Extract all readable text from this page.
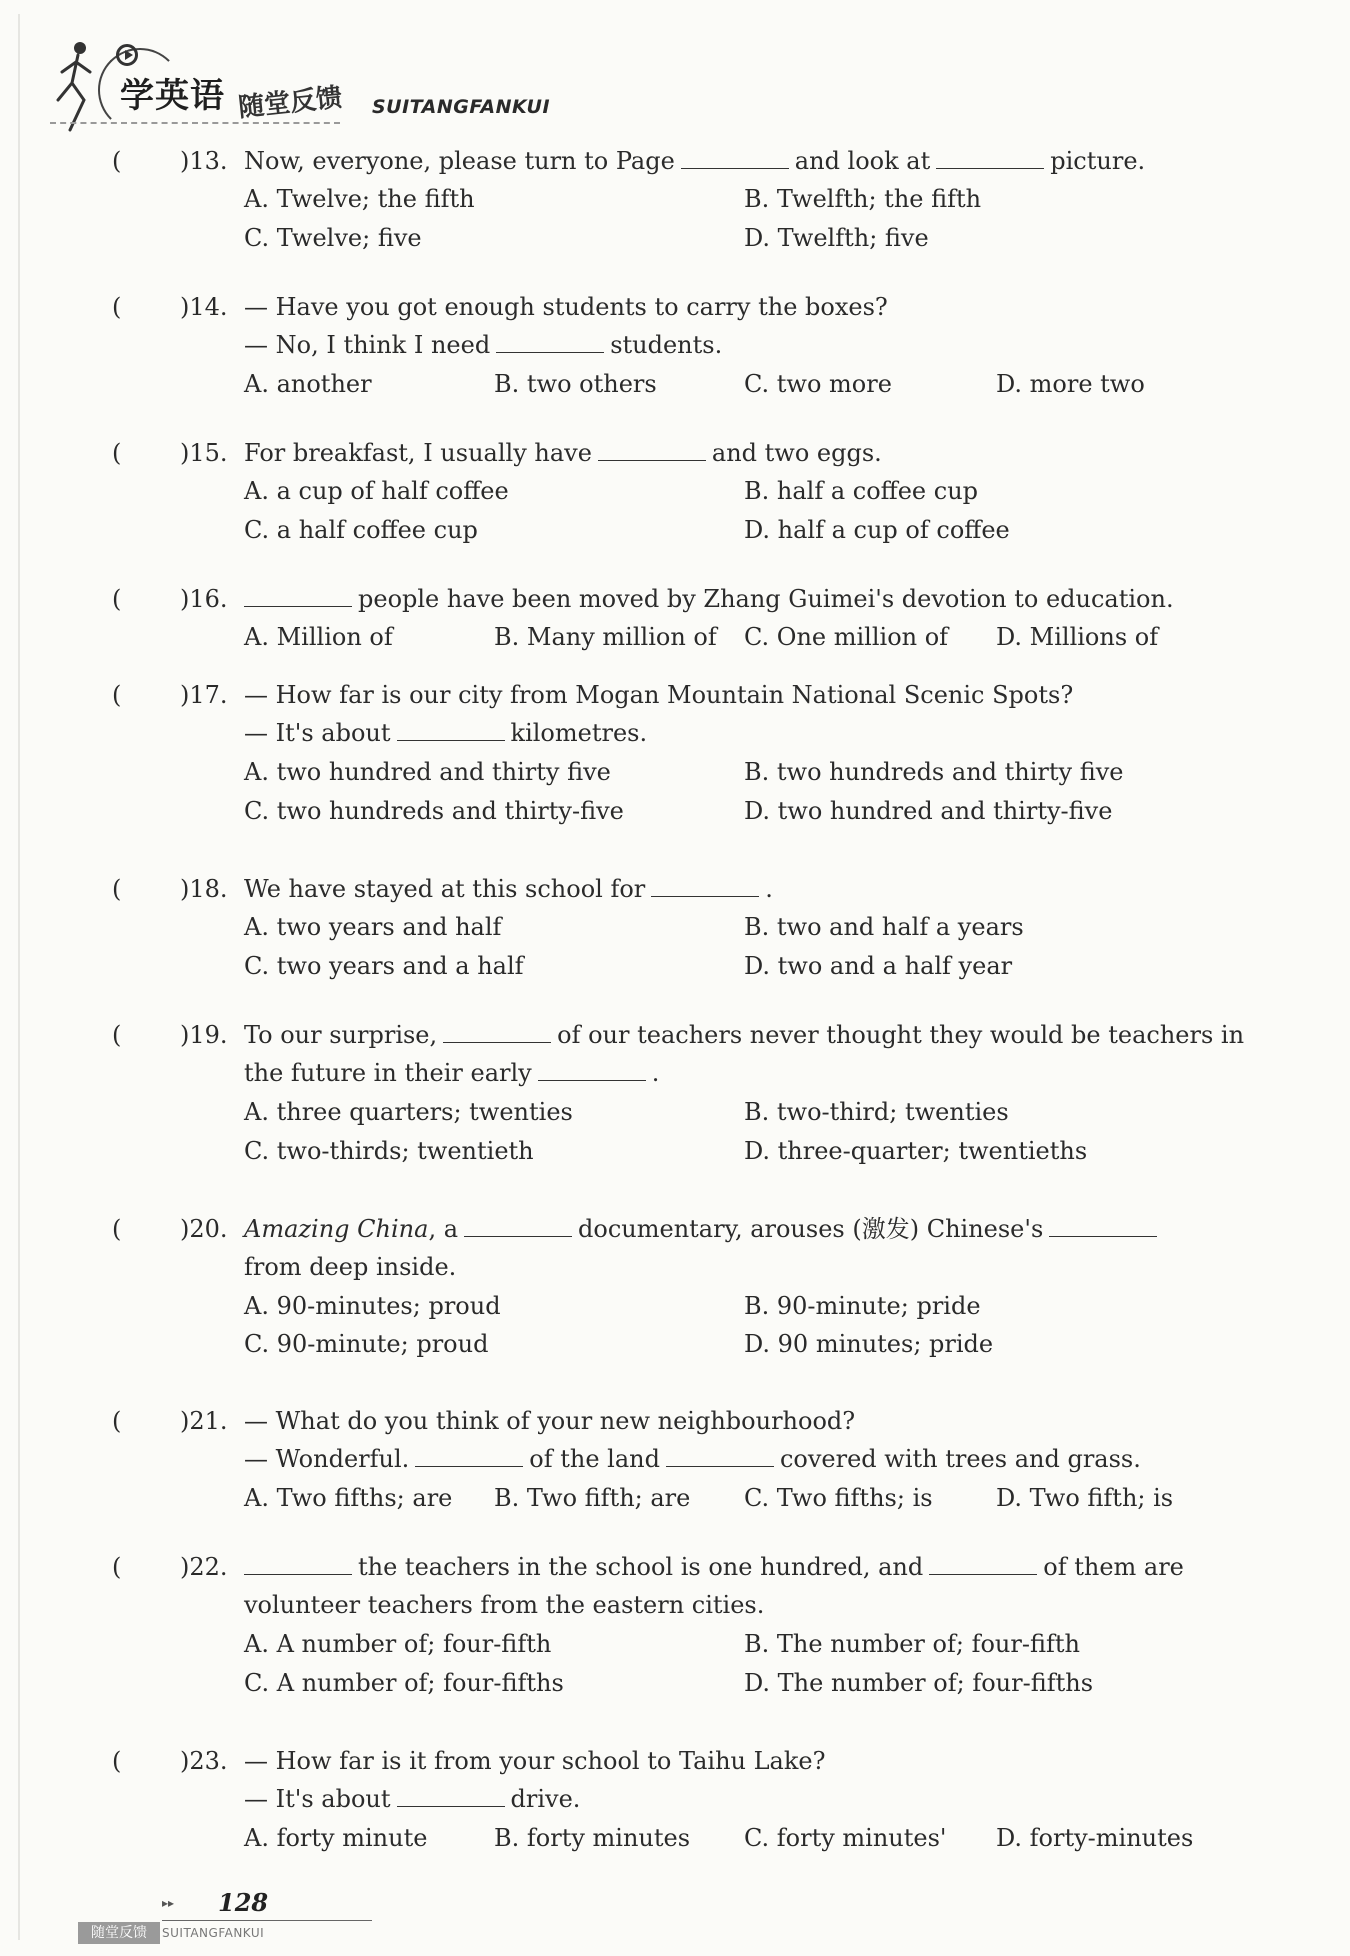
学英语 随堂反馈 SUITANGFANKUI
( )13. Now, everyone, please turn to Page	and look at	picture.
A. Twelve; the fifth	B. Twelfth; the fifth
C. Twelve; five	D. Twelfth; five
( )14. — Have you got enough students to carry the boxes?
— No, I think I need	students.
A. another	B. two others	C. two more	D. more two
( )15. For breakfast, I usually have	and two eggs.
A. a cup of half coffee	B. half a coffee cup
C. a half coffee cup	D. half a cup of coffee
( )16.	people have been moved by Zhang Guimei's devotion to education.
A. Million of	B. Many million of C. One million of D. Millions of
( )17. — How far is our city from Mogan Mountain National Scenic Spots?
— It's about	kilometres.
A. two hundred and thirty five	B. two hundreds and thirty five
C. two hundreds and thirty-five	D. two hundred and thirty-five
( )18. We have stayed at this school for	.
A. two years and half	B. two and half a years
C. two years and a half	D. two and a half year
( )19. To our surprise,	of our teachers never thought they would be teachers in
the future in their early	.
A. three quarters; twenties	B. two-third; twenties
C. two-thirds; twentieth	D. three-quarter; twentieths
( )20. Amazing China, a	documentary, arouses (激发) Chinese's
from deep inside.
A. 90-minutes; proud	B. 90-minute; pride
C. 90-minute; proud	D. 90 minutes; pride
( )21. — What do you think of your new neighbourhood?
— Wonderful.	of the land	covered with trees and grass.
A. Two fifths; are B. Two fifth; are C. Two fifths; is	D. Two fifth; is
( )22.	the teachers in the school is one hundred, and	of them are
volunteer teachers from the eastern cities.
A. A number of; four-fifth	B. The number of; four-fifth
C. A number of; four-fifths	D. The number of; four-fifths
( )23. — How far is it from your school to Taihu Lake?
— It's about	drive.
A. forty minute	B. forty minutes C. forty minutes' D. forty-minutes
▸▸ 128
随堂反馈	SUITANGFANKUI
